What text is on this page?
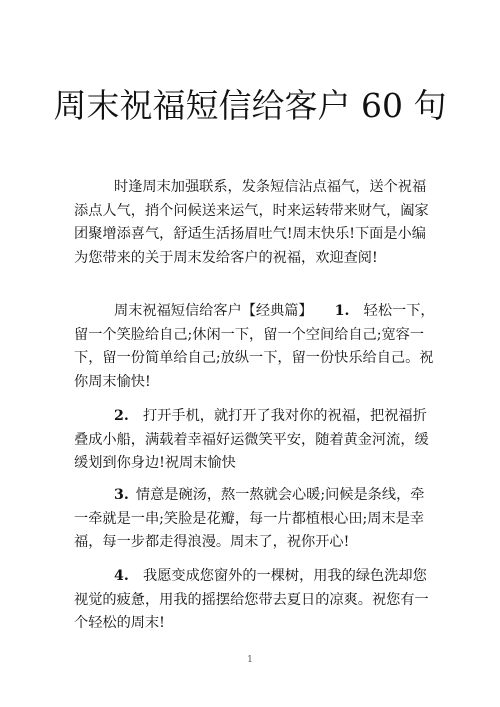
周末祝福短信给客户 60 句

时逢周末加强联系，发条短信沾点福气，送个祝福添点人气，捎个问候送来运气，时来运转带来财气，阖家团聚增添喜气，舒适生活扬眉吐气!周末快乐!下面是小编为您带来的关于周末发给客户的祝福，欢迎查阅!

周末祝福短信给客户【经典篇】 1.  轻松一下，留一个笑脸给自己;休闲一下，留一个空间给自己;宽容一下，留一份简单给自己;放纵一下，留一份快乐给自己。祝你周末愉快!

2.  打开手机，就打开了我对你的祝福，把祝福折叠成小船，满载着幸福好运微笑平安，随着黄金河流，缓缓划到你身边!祝周末愉快

3.  情意是碗汤，熬一熬就会心暖;问候是条线，牵一牵就是一串;笑脸是花瓣，每一片都植根心田;周末是幸福，每一步都走得浪漫。周末了，祝你开心!

4.  我愿变成您窗外的一棵树，用我的绿色洗却您视觉的疲惫，用我的摇摆给您带去夏日的凉爽。祝您有一个轻松的周末!

1
